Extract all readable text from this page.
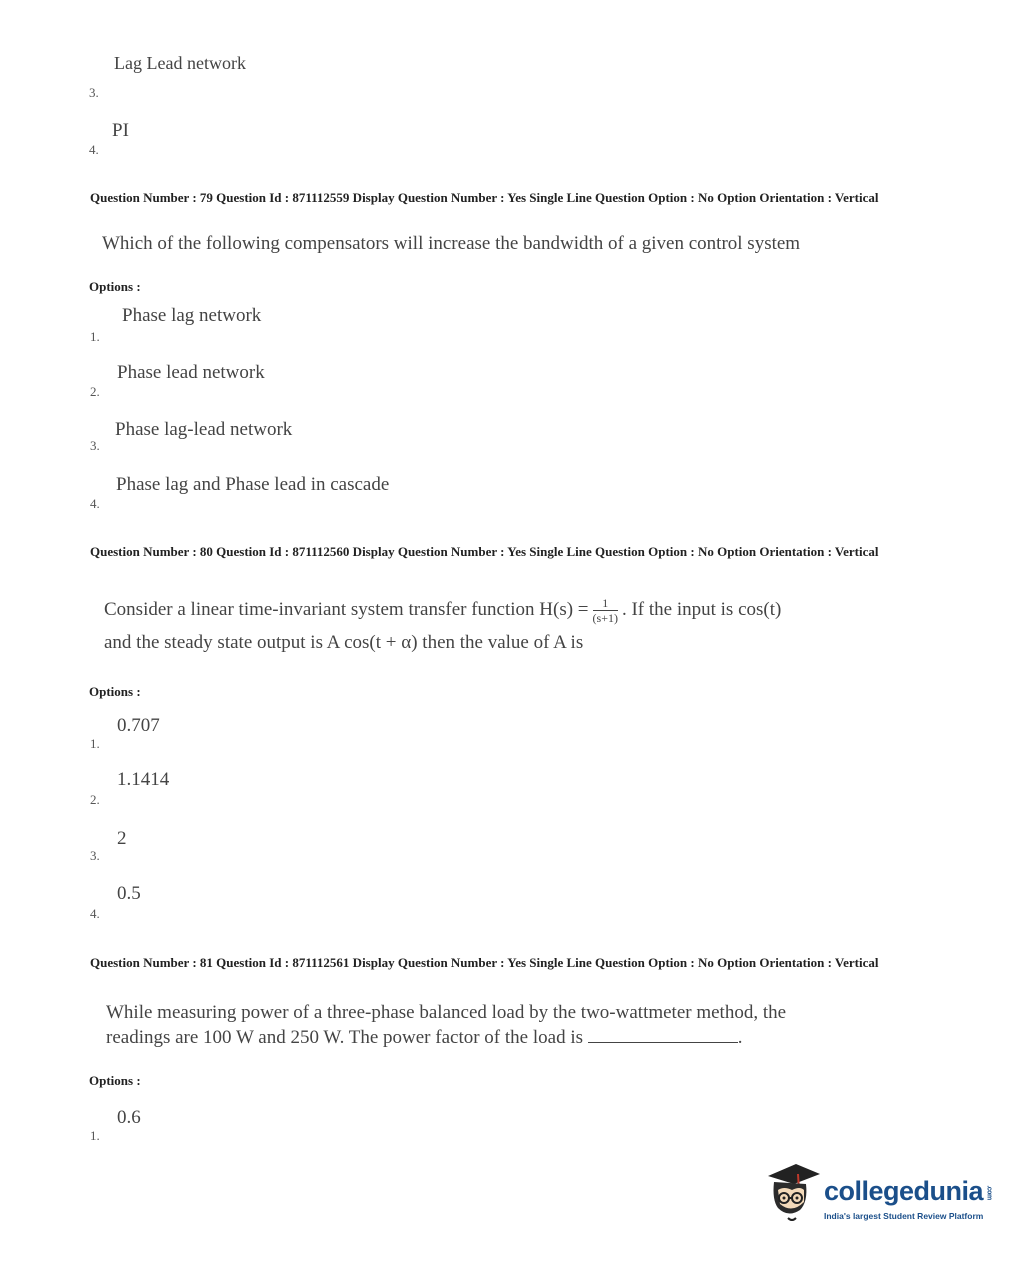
Lag Lead network
3.
PI
4.
Question Number : 79 Question Id : 871112559 Display Question Number : Yes Single Line Question Option : No Option Orientation : Vertical
Which of the following compensators will increase the bandwidth of a given control system
Options :
Phase lag network
1.
Phase lead network
2.
Phase lag-lead network
3.
Phase lag and Phase lead in cascade
4.
Question Number : 80 Question Id : 871112560 Display Question Number : Yes Single Line Question Option : No Option Orientation : Vertical
Consider a linear time-invariant system transfer function $H(s) = \frac{1}{(s+1)}$ . If the input is cos(t)
and the steady state output is A cos(t + α) then the value of A is
Options :
0.707
1.
1.1414
2.
2
3.
0.5
4.
Question Number : 81 Question Id : 871112561 Display Question Number : Yes Single Line Question Option : No Option Orientation : Vertical
While measuring power of a three-phase balanced load by the two-wattmeter method, the
readings are 100 W and 250 W. The power factor of the load is	.
Options :
0.6
1.
collegedunia .com
India's largest Student Review Platform
